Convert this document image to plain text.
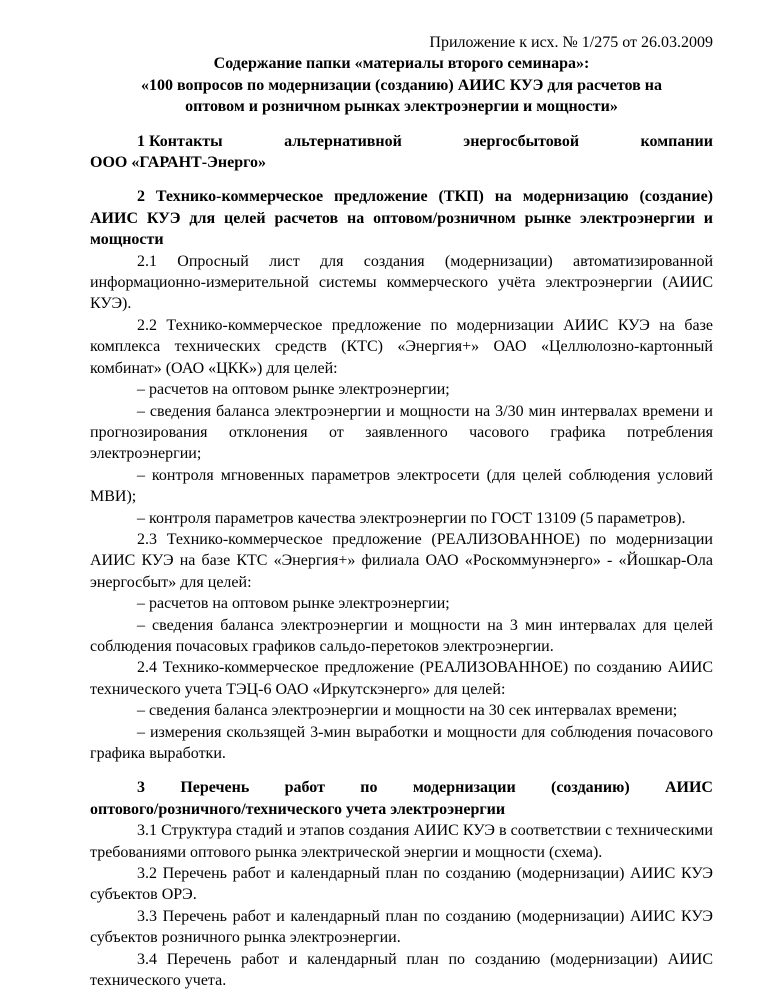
Приложение к исх. № 1/275 от 26.03.2009
Содержание папки «материалы второго семинара»:
«100 вопросов по модернизации (созданию) АИИС КУЭ для расчетов на
оптовом и розничном рынках электроэнергии и мощности»
1 Контакты	альтернативной	энергосбытовой	компании
ООО «ГАРАНТ-Энерго»
2 Технико-коммерческое предложение (ТКП) на модернизацию (создание) АИИС КУЭ для целей расчетов на оптовом/розничном рынке электроэнергии и мощности
2.1 Опросный лист для создания (модернизации) автоматизированной информационно-измерительной системы коммерческого учёта электроэнергии (АИИС КУЭ).
2.2 Технико-коммерческое предложение по модернизации АИИС КУЭ на базе комплекса технических средств (КТС) «Энергия+» ОАО «Целлюлозно-картонный комбинат» (ОАО «ЦКК») для целей:
– расчетов на оптовом рынке электроэнергии;
– сведения баланса электроэнергии и мощности на 3/30 мин интервалах времени и прогнозирования отклонения от заявленного часового графика потребления электроэнергии;
– контроля мгновенных параметров электросети (для целей соблюдения условий МВИ);
– контроля параметров качества электроэнергии по ГОСТ 13109 (5 параметров).
2.3 Технико-коммерческое предложение (РЕАЛИЗОВАННОЕ) по модернизации АИИС КУЭ на базе КТС «Энергия+» филиала ОАО «Роскоммунэнерго» - «Йошкар-Ола энергосбыт» для целей:
– расчетов на оптовом рынке электроэнергии;
– сведения баланса электроэнергии и мощности на 3 мин интервалах для целей соблюдения почасовых графиков сальдо-перетоков электроэнергии.
2.4 Технико-коммерческое предложение (РЕАЛИЗОВАННОЕ) по созданию АИИС технического учета ТЭЦ-6 ОАО «Иркутскэнерго» для целей:
– сведения баланса электроэнергии и мощности на 30 сек интервалах времени;
– измерения скользящей 3-мин выработки и мощности для соблюдения почасового графика выработки.
3 Перечень работ по модернизации (созданию) АИИС
оптового/розничного/технического учета электроэнергии
3.1 Структура стадий и этапов создания АИИС КУЭ в соответствии с техническими требованиями оптового рынка электрической энергии и мощности (схема).
3.2 Перечень работ и календарный план по созданию (модернизации) АИИС КУЭ субъектов ОРЭ.
3.3 Перечень работ и календарный план по созданию (модернизации) АИИС КУЭ субъектов розничного рынка электроэнергии.
3.4 Перечень работ и календарный план по созданию (модернизации) АИИС технического учета.
